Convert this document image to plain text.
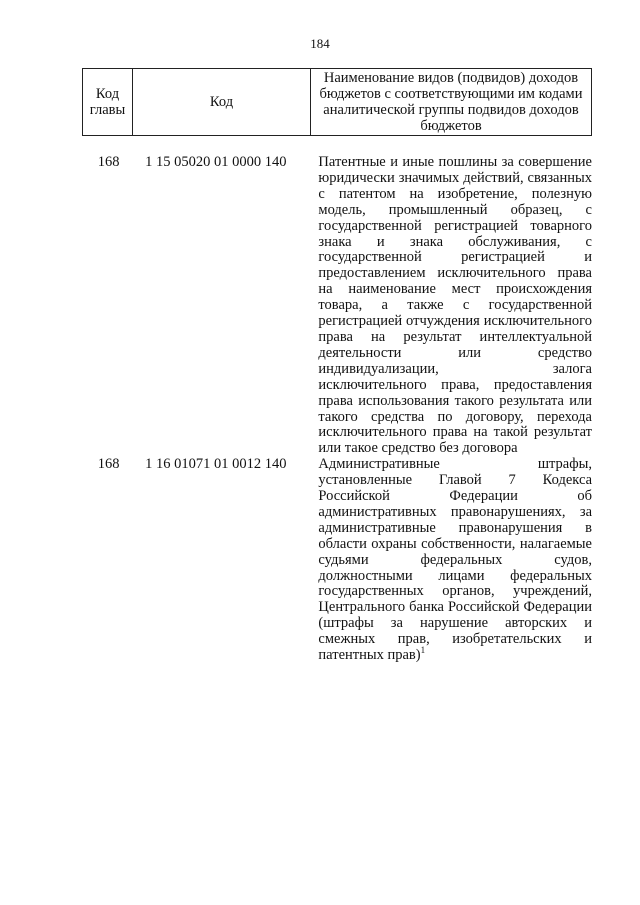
184
Код главы	Код	Наименование видов (подвидов) доходов бюджетов с соответствующими им кодами аналитической группы подвидов доходов бюджетов
168	1 15 05020 01 0000 140	Патентные и иные пошлины за совершение юридически значимых действий, связанных с патентом на изобретение, полезную модель, промышленный образец, с государственной регистрацией товарного знака и знака обслуживания, с государственной регистрацией и предоставлением исключительного права на наименование мест происхождения товара, а также с государственной регистрацией отчуждения исключительного права на результат интеллектуальной деятельности или средство индивидуализации, залога исключительного права, предоставления права использования такого результата или такого средства по договору, перехода исключительного права на такой результат или такое средство без договора
168	1 16 01071 01 0012 140	Административные штрафы, установленные Главой 7 Кодекса Российской Федерации об административных правонарушениях, за административные правонарушения в области охраны собственности, налагаемые судьями федеральных судов, должностными лицами федеральных государственных органов, учреждений, Центрального банка Российской Федерации (штрафы за нарушение авторских и смежных прав, изобретательских и патентных прав)$^1$
